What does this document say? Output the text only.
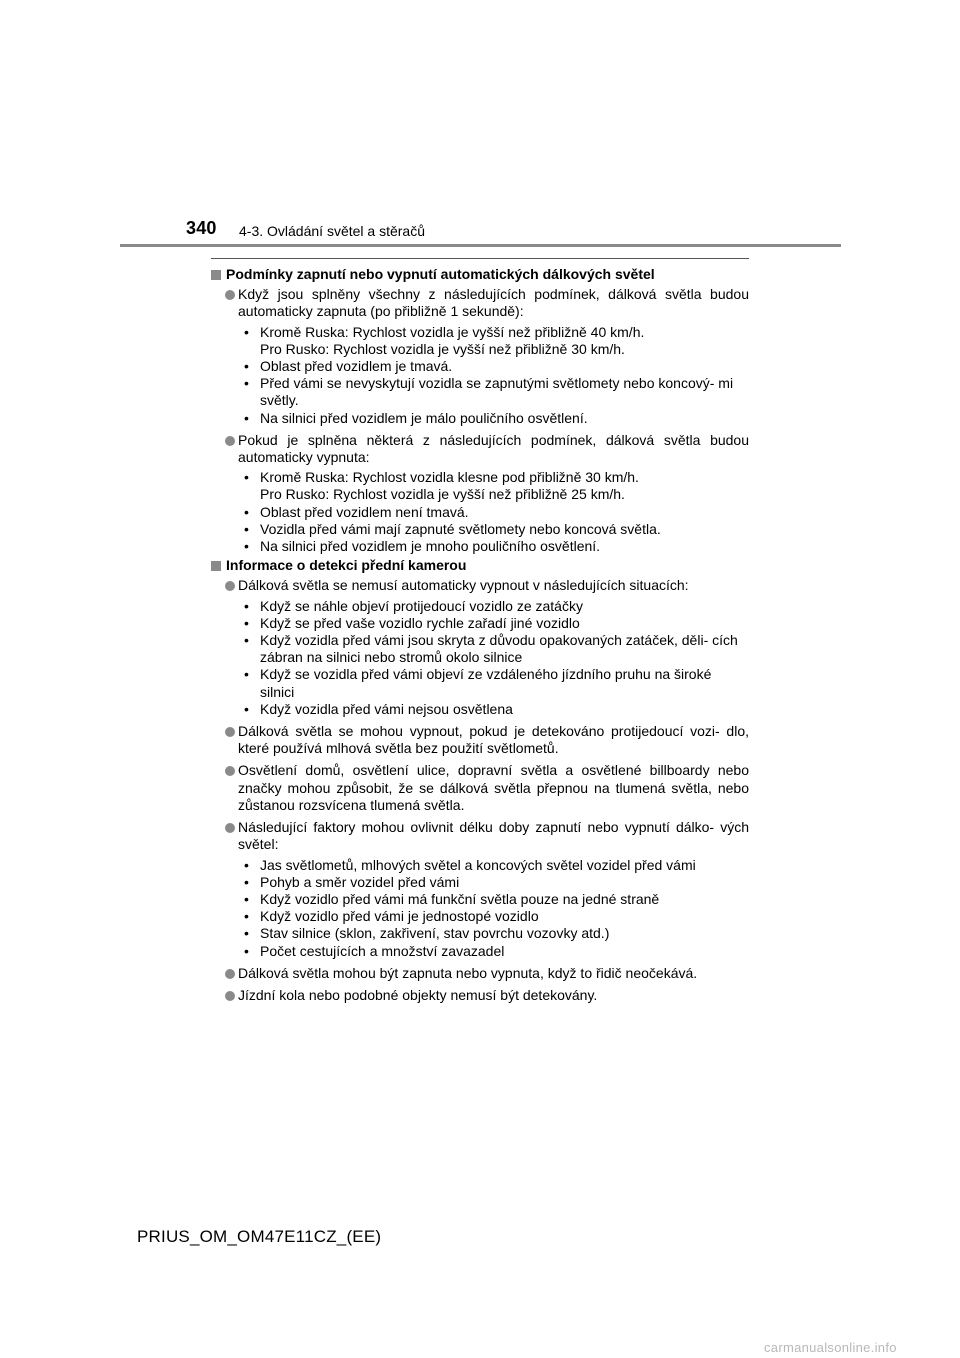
340 4-3. Ovládání světel a stěračů
Podmínky zapnutí nebo vypnutí automatických dálkových světel
Když jsou splněny všechny z následujících podmínek, dálková světla budou automaticky zapnuta (po přibližně 1 sekundě):
• Kromě Ruska: Rychlost vozidla je vyšší než přibližně 40 km/h.
Pro Rusko: Rychlost vozidla je vyšší než přibližně 30 km/h.
• Oblast před vozidlem je tmavá.
• Před vámi se nevyskytují vozidla se zapnutými světlomety nebo koncový- mi světly.
• Na silnici před vozidlem je málo pouličního osvětlení.
Pokud je splněna některá z následujících podmínek, dálková světla budou automaticky vypnuta:
• Kromě Ruska: Rychlost vozidla klesne pod přibližně 30 km/h.
Pro Rusko: Rychlost vozidla je vyšší než přibližně 25 km/h.
• Oblast před vozidlem není tmavá.
• Vozidla před vámi mají zapnuté světlomety nebo koncová světla.
• Na silnici před vozidlem je mnoho pouličního osvětlení.
Informace o detekci přední kamerou
Dálková světla se nemusí automaticky vypnout v následujících situacích:
• Když se náhle objeví protijedoucí vozidlo ze zatáčky
• Když se před vaše vozidlo rychle zařadí jiné vozidlo
• Když vozidla před vámi jsou skryta z důvodu opakovaných zatáček, děli- cích zábran na silnici nebo stromů okolo silnice
• Když se vozidla před vámi objeví ze vzdáleného jízdního pruhu na široké silnici
• Když vozidla před vámi nejsou osvětlena
Dálková světla se mohou vypnout, pokud je detekováno protijedoucí vozi- dlo, které používá mlhová světla bez použití světlometů.
Osvětlení domů, osvětlení ulice, dopravní světla a osvětlené billboardy nebo značky mohou způsobit, že se dálková světla přepnou na tlumená světla, nebo zůstanou rozsvícena tlumená světla.
Následující faktory mohou ovlivnit délku doby zapnutí nebo vypnutí dálko- vých světel:
• Jas světlometů, mlhových světel a koncových světel vozidel před vámi
• Pohyb a směr vozidel před vámi
• Když vozidlo před vámi má funkční světla pouze na jedné straně
• Když vozidlo před vámi je jednostopé vozidlo
• Stav silnice (sklon, zakřivení, stav povrchu vozovky atd.)
• Počet cestujících a množství zavazadel
Dálková světla mohou být zapnuta nebo vypnuta, když to řidič neočekává.
Jízdní kola nebo podobné objekty nemusí být detekovány.
PRIUS_OM_OM47E11CZ_(EE)
carmanualsonline.info
